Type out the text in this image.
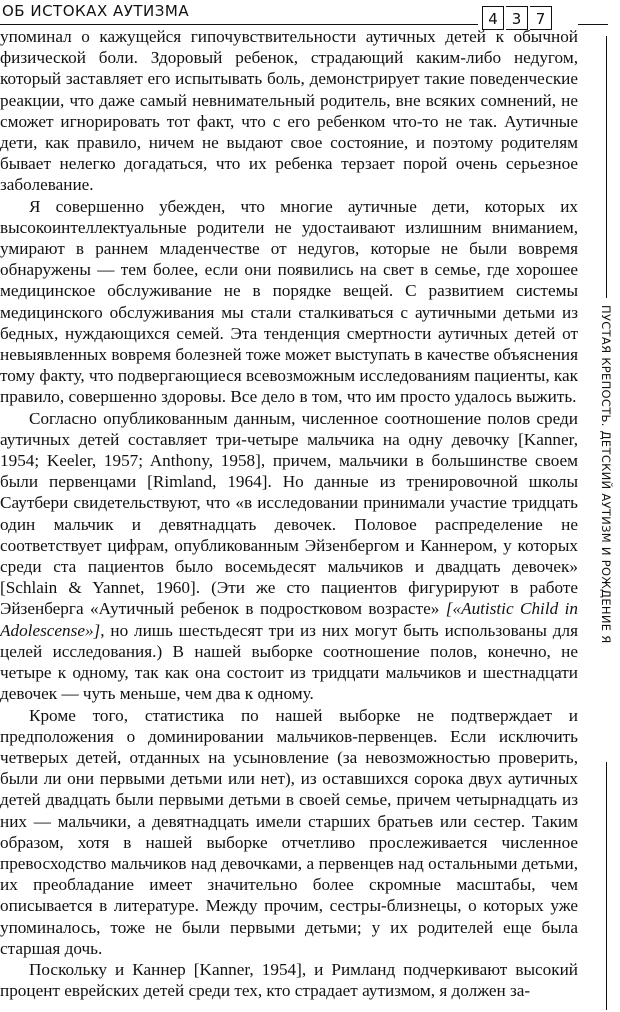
ОБ ИСТОКАХ АУТИЗМА	4 3 7
ПУСТАЯ КРЕПОСТЬ. ДЕТСКИЙ АУТИЗМ И РОЖДЕНИЕ Я

упоминал о кажущейся гипочувствительности аутичных детей к обычной физической боли. Здоровый ребенок, страдающий каким-либо недугом, который заставляет его испытывать боль, демонстрирует такие поведенческие реакции, что даже самый невнимательный родитель, вне всяких сомнений, не сможет игнорировать тот факт, что с его ребенком что-то не так. Аутичные дети, как правило, ничем не выдают свое состояние, и поэтому родителям бывает нелегко догадаться, что их ребенка терзает порой очень серьезное заболевание.

Я совершенно убежден, что многие аутичные дети, которых их высокоинтеллектуальные родители не удостаивают излишним вниманием, умирают в раннем младенчестве от недугов, которые не были вовремя обнаружены — тем более, если они появились на свет в семье, где хорошее медицинское обслуживание не в порядке вещей. С развитием системы медицинского обслуживания мы стали сталкиваться с аутичными детьми из бедных, нуждающихся семей. Эта тенденция смертности аутичных детей от невыявленных вовремя болезней тоже может выступать в качестве объяснения тому факту, что подвергающиеся всевозможным исследованиям пациенты, как правило, совершенно здоровы. Все дело в том, что им просто удалось выжить.

Согласно опубликованным данным, численное соотношение полов среди аутичных детей составляет три-четыре мальчика на одну девочку [Kanner, 1954; Keeler, 1957; Anthony, 1958], причем, мальчики в большинстве своем были первенцами [Rimland, 1964]. Но данные из тренировочной школы Саутбери свидетельствуют, что «в исследовании принимали участие тридцать один мальчик и девятнадцать девочек. Половое распределение не соответствует цифрам, опубликованным Эйзенбергом и Каннером, у которых среди ста пациентов было восемьдесят мальчиков и двадцать девочек» [Schlain & Yannet, 1960]. (Эти же сто пациентов фигурируют в работе Эйзенберга «Аутичный ребенок в подростковом возрасте» [«Autistic Child in Adolescense»], но лишь шестьдесят три из них могут быть использованы для целей исследования.) В нашей выборке соотношение полов, конечно, не четыре к одному, так как она состоит из тридцати мальчиков и шестнадцати девочек — чуть меньше, чем два к одному.

Кроме того, статистика по нашей выборке не подтверждает и предположения о доминировании мальчиков-первенцев. Если исключить четверых детей, отданных на усыновление (за невозможностью проверить, были ли они первыми детьми или нет), из оставшихся сорока двух аутичных детей двадцать были первыми детьми в своей семье, причем четырнадцать из них — мальчики, а девятнадцать имели старших братьев или сестер. Таким образом, хотя в нашей выборке отчетливо прослеживается численное превосходство мальчиков над девочками, а первенцев над остальными детьми, их преобладание имеет значительно более скромные масштабы, чем описывается в литературе. Между прочим, сестры-близнецы, о которых уже упоминалось, тоже не были первыми детьми; у их родителей еще была старшая дочь.

Поскольку и Каннер [Kanner, 1954], и Римланд подчеркивают высокий процент еврейских детей среди тех, кто страдает аутизмом, я должен за-
